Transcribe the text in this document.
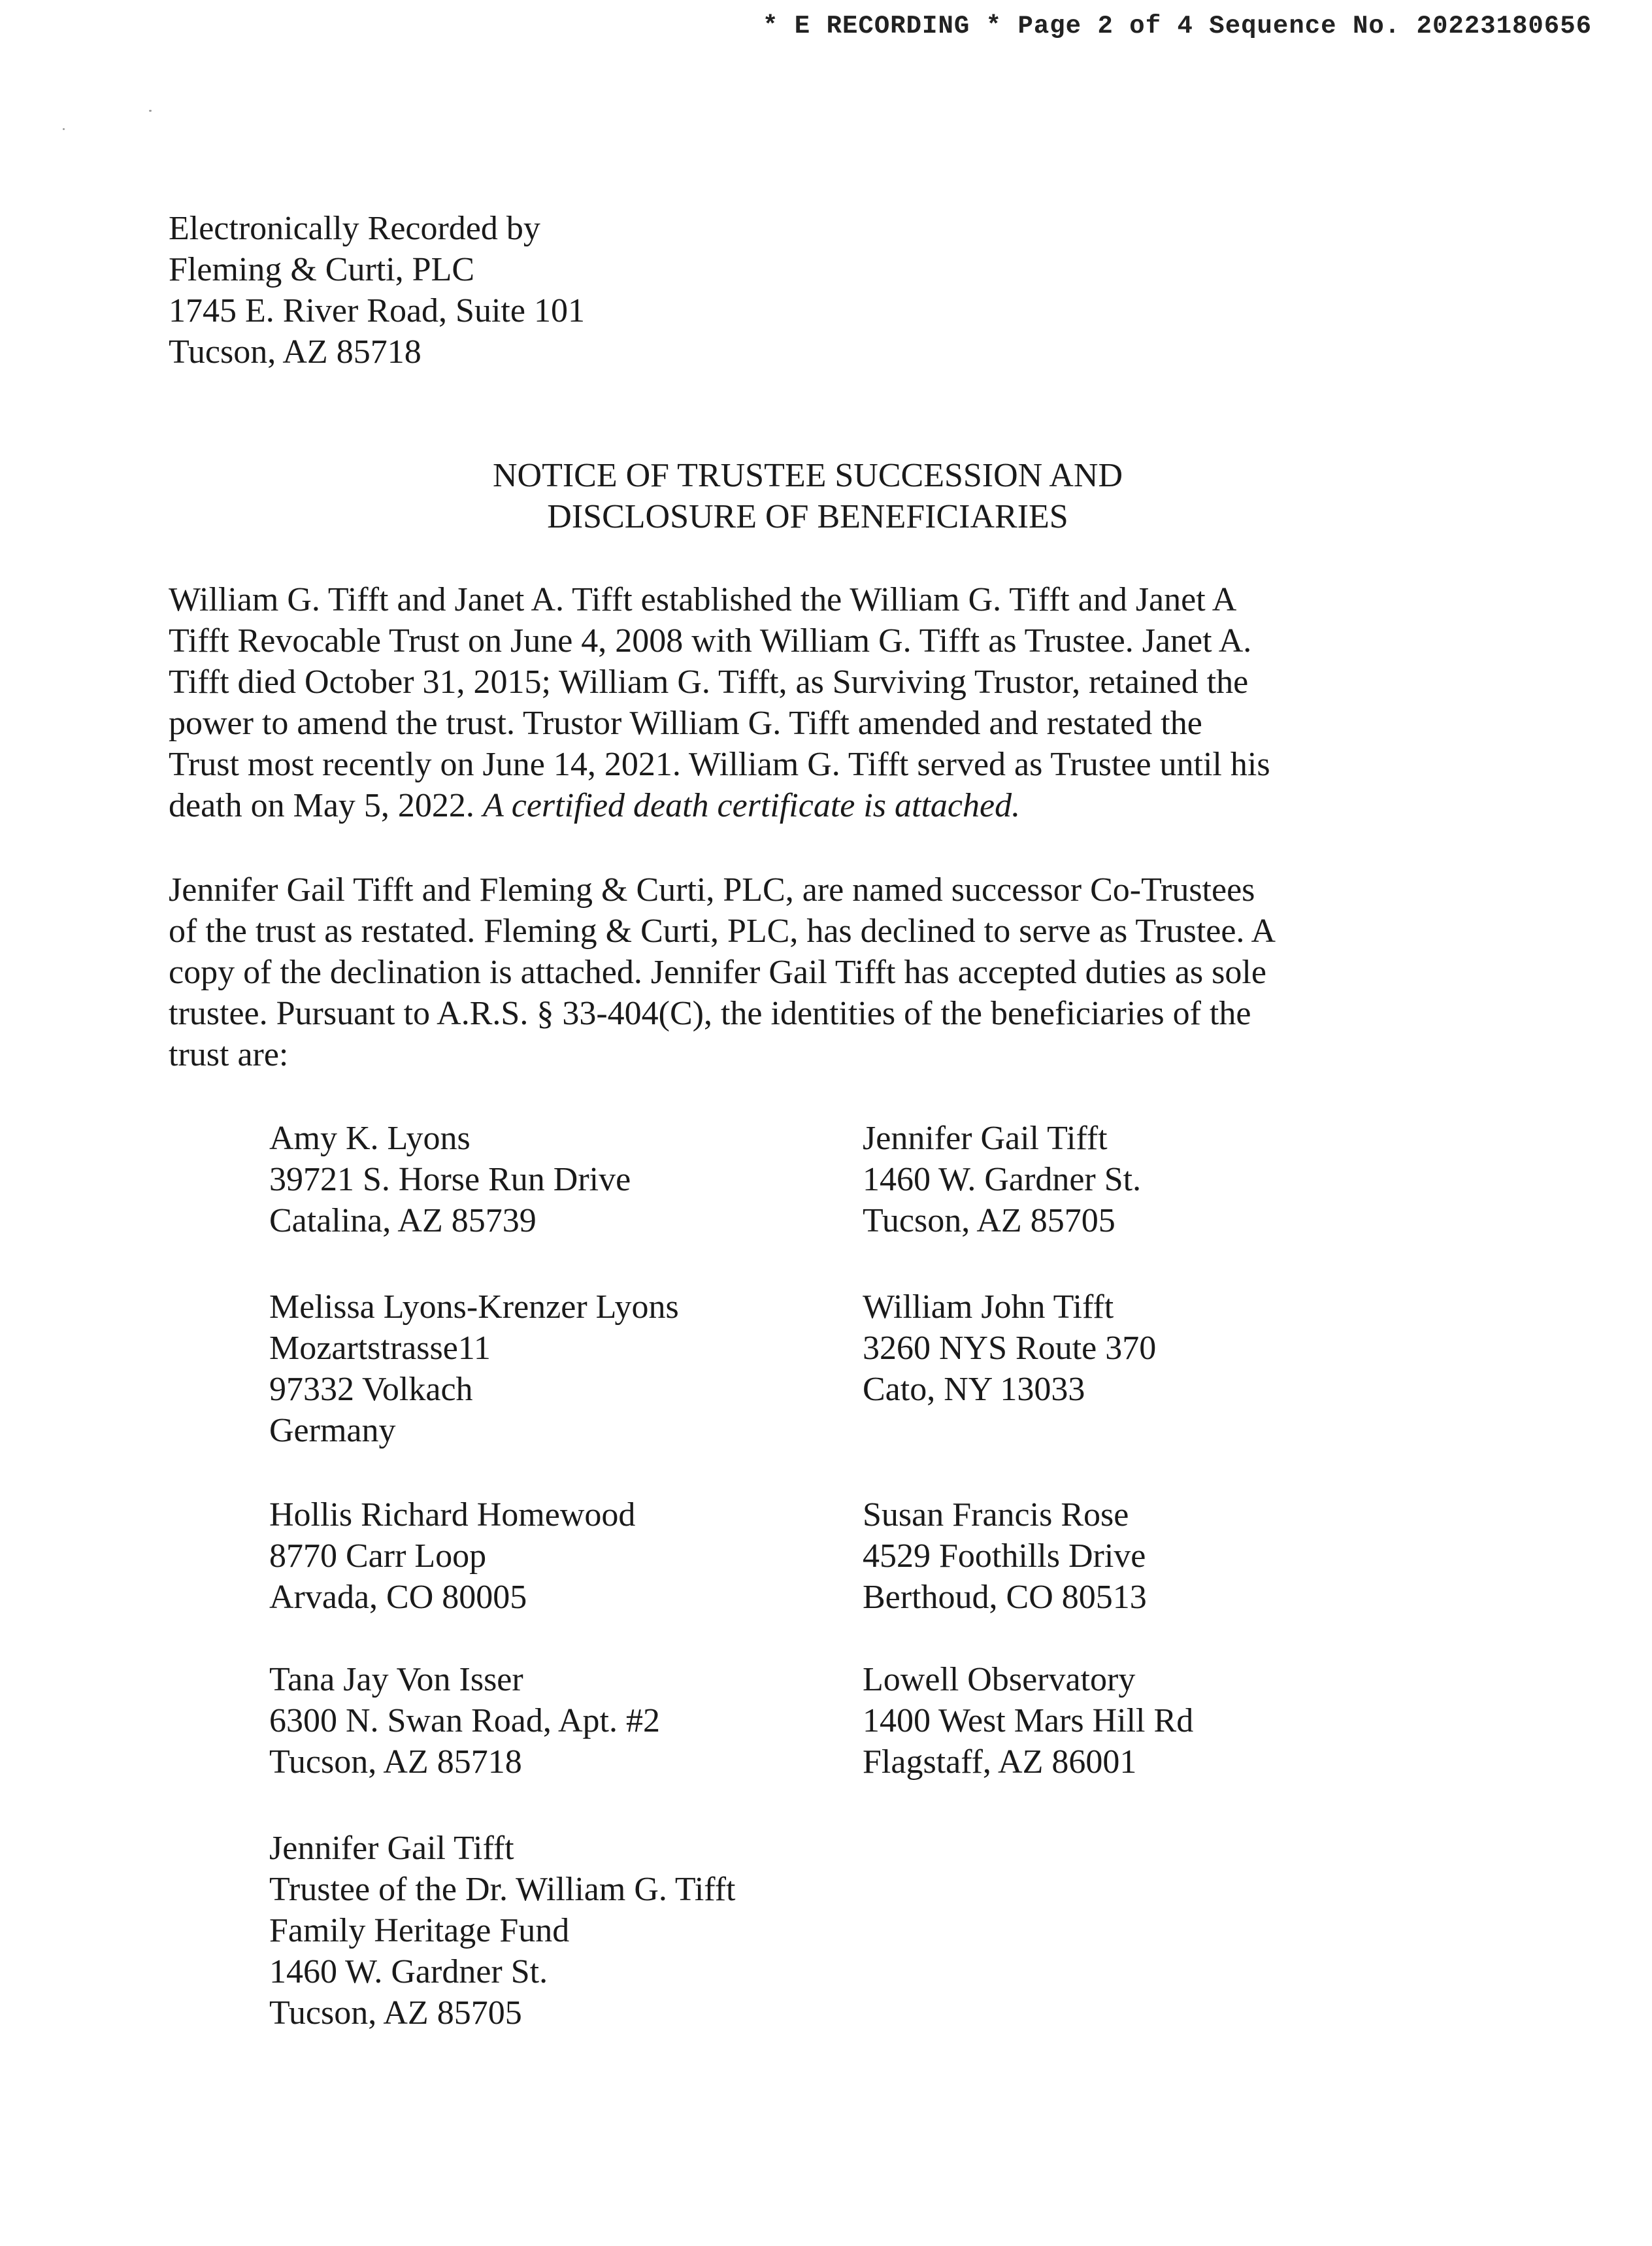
* E RECORDING * Page 2 of 4 Sequence No. 20223180656
Electronically Recorded by
Fleming & Curti, PLC
1745 E. River Road, Suite 101
Tucson, AZ 85718
NOTICE OF TRUSTEE SUCCESSION AND
DISCLOSURE OF BENEFICIARIES

William G. Tifft and Janet A. Tifft established the William G. Tifft and Janet A
Tifft Revocable Trust on June 4, 2008 with William G. Tifft as Trustee. Janet A.
Tifft died October 31, 2015; William G. Tifft, as Surviving Trustor, retained the
power to amend the trust. Trustor William G. Tifft amended and restated the
Trust most recently on June 14, 2021. William G. Tifft served as Trustee until his
death on May 5, 2022. A certified death certificate is attached.

Jennifer Gail Tifft and Fleming & Curti, PLC, are named successor Co-Trustees
of the trust as restated. Fleming & Curti, PLC, has declined to serve as Trustee. A
copy of the declination is attached. Jennifer Gail Tifft has accepted duties as sole
trustee. Pursuant to A.R.S. § 33-404(C), the identities of the beneficiaries of the
trust are:

Amy K. Lyons
39721 S. Horse Run Drive
Catalina, AZ 85739
Jennifer Gail Tifft
1460 W. Gardner St.
Tucson, AZ 85705
Melissa Lyons-Krenzer Lyons
Mozartstrasse11
97332 Volkach
Germany
William John Tifft
3260 NYS Route 370
Cato, NY 13033
Hollis Richard Homewood
8770 Carr Loop
Arvada, CO 80005
Susan Francis Rose
4529 Foothills Drive
Berthoud, CO 80513
Tana Jay Von Isser
6300 N. Swan Road, Apt. #2
Tucson, AZ 85718
Lowell Observatory
1400 West Mars Hill Rd
Flagstaff, AZ 86001
Jennifer Gail Tifft
Trustee of the Dr. William G. Tifft
Family Heritage Fund
1460 W. Gardner St.
Tucson, AZ 85705
